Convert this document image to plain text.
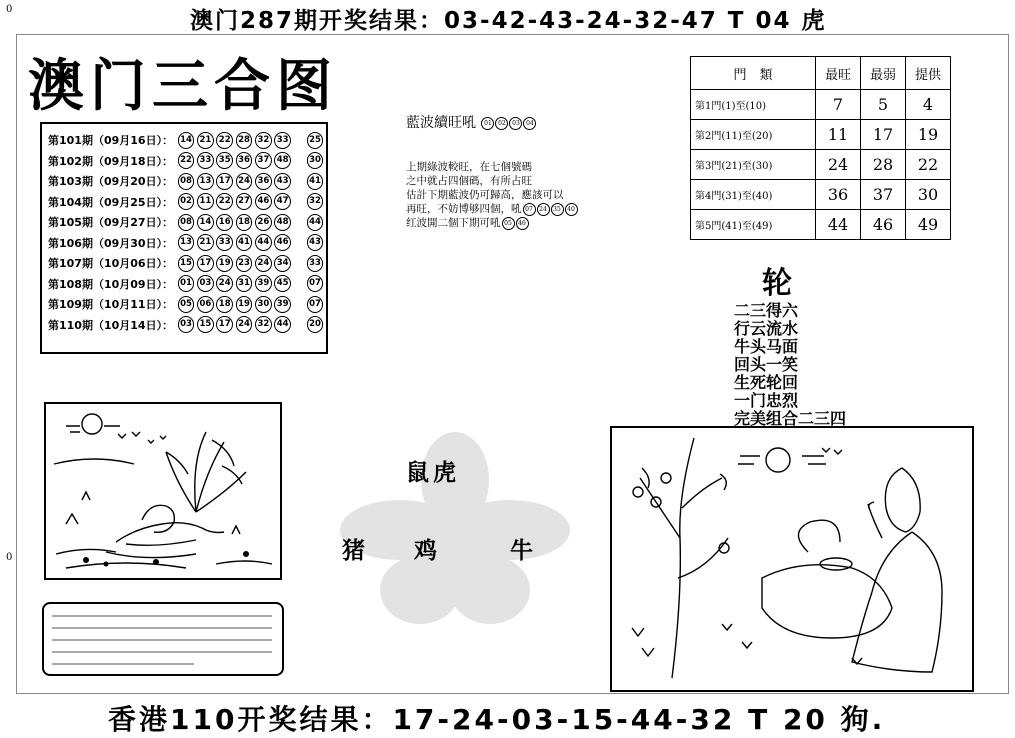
澳门287期开奖结果：03-42-43-24-32-47 T 04 虎
0
0
澳门三合图
第101期（09月16日）： 14 21 22 28 32 33 25
第102期（09月18日）： 22 33 35 36 37 48 30
第103期（09月20日）： 08 13 17 24 36 43 41
第104期（09月25日）： 02 11 22 27 46 47 32
第105期（09月27日）： 08 14 16 18 26 48 44
第106期（09月30日）： 13 21 33 41 44 46 43
第107期（10月06日）： 15 17 19 23 24 34 33
第108期（10月09日）： 01 03 24 31 39 45 07
第109期（10月11日）： 05 06 18 19 30 39 07
第110期（10月14日）： 03 15 17 24 32 44 20
藍波續旺吼 01 02 03 04
上期綠波較旺，在七個號碼
之中就占四個碼，有所占旺
估計下期藍波仍可歸高，應該可以
再旺，不妨博够四個，吼 07 24 35 40
红波開二個下期可吼 05 46
門　類	最旺	最弱	提供
第1門(1)至(10)	7	5	4
第2門(11)至(20)	11	17	19
第3門(21)至(30)	24	28	22
第4門(31)至(40)	36	37	30
第5門(41)至(49)	44	46	49
轮
二三得六
行云流水
牛头马面
回头一笑
生死轮回
一门忠烈
完美组合二三四
鼠虎
猪 鸡	牛
香港110开奖结果：17-24-03-15-44-32 T 20 狗.
